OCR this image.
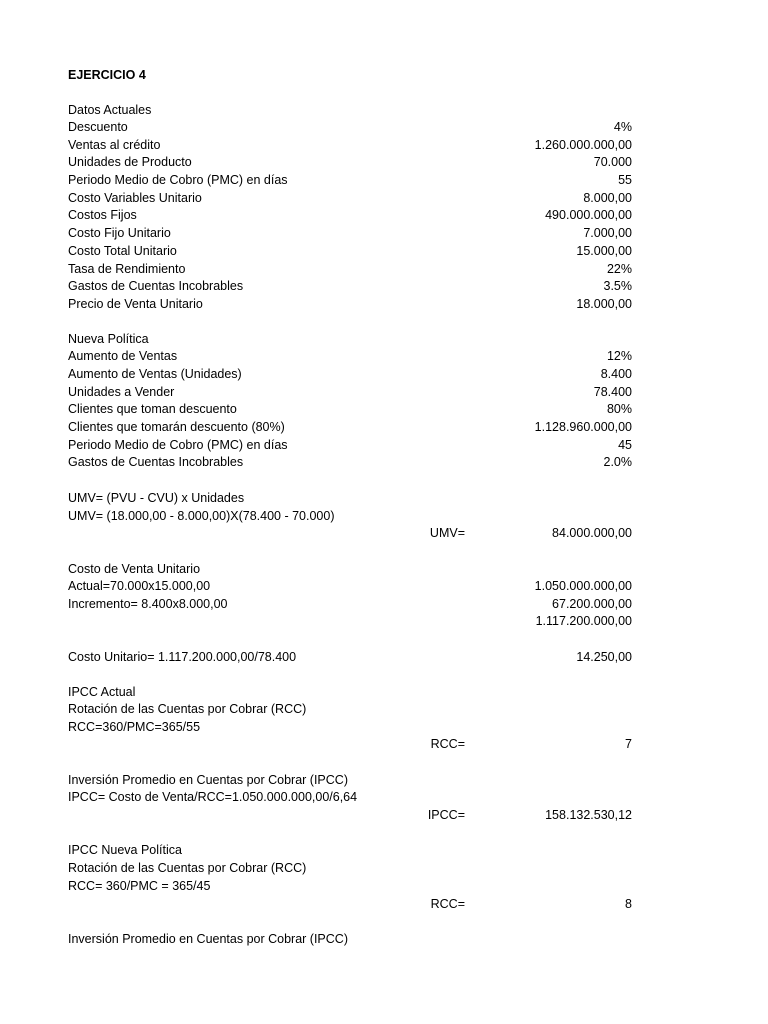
EJERCICIO 4
Datos Actuales
Descuento	4%
Ventas al crédito	1.260.000.000,00
Unidades de Producto	70.000
Periodo Medio de Cobro (PMC) en días	55
Costo Variables Unitario	8.000,00
Costos Fijos	490.000.000,00
Costo Fijo Unitario	7.000,00
Costo Total Unitario	15.000,00
Tasa de Rendimiento	22%
Gastos de Cuentas Incobrables	3.5%
Precio de Venta Unitario	18.000,00
Nueva Política
Aumento de Ventas	12%
Aumento de Ventas (Unidades)	8.400
Unidades a Vender	78.400
Clientes que toman descuento	80%
Clientes que tomarán descuento (80%)	1.128.960.000,00
Periodo Medio de Cobro (PMC) en días	45
Gastos de Cuentas Incobrables	2.0%
UMV= (PVU - CVU) x Unidades
UMV= (18.000,00 - 8.000,00)X(78.400 - 70.000)
UMV=	84.000.000,00
Costo de Venta Unitario
Actual=70.000x15.000,00	1.050.000.000,00
Incremento= 8.400x8.000,00	67.200.000,00
1.117.200.000,00
Costo Unitario= 1.117.200.000,00/78.400	14.250,00
IPCC Actual
Rotación de las Cuentas por Cobrar (RCC)
RCC=360/PMC=365/55
RCC=	7
Inversión Promedio en Cuentas por Cobrar (IPCC)
IPCC= Costo de Venta/RCC=1.050.000.000,00/6,64
IPCC=	158.132.530,12
IPCC Nueva Política
Rotación de las Cuentas por Cobrar (RCC)
RCC= 360/PMC = 365/45
RCC=	8
Inversión Promedio en Cuentas por Cobrar (IPCC)
